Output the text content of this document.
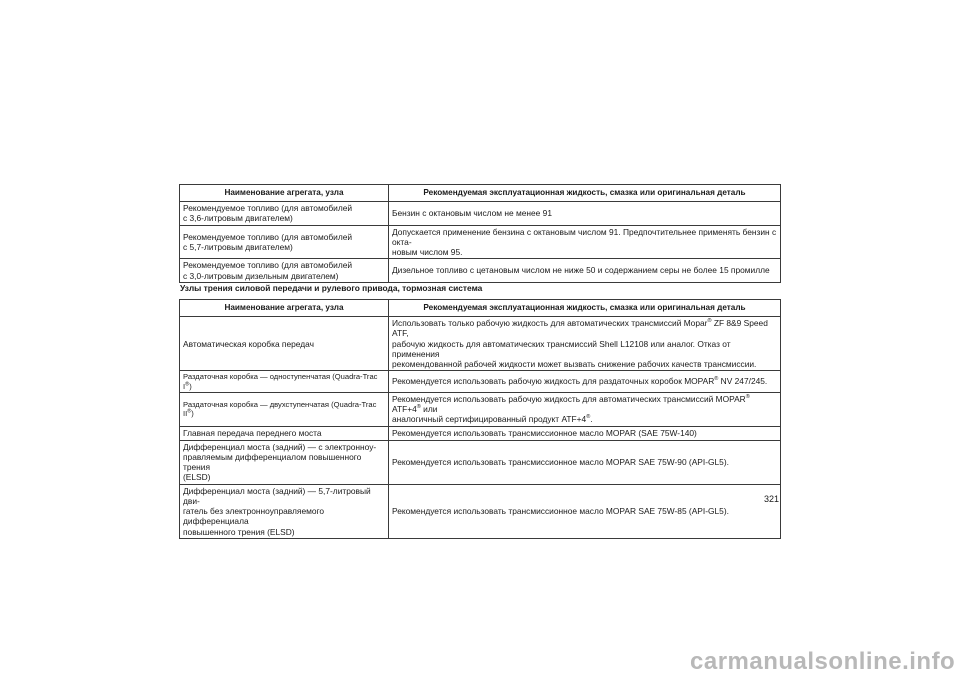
Наименование агрегата, узла	Рекомендуемая эксплуатационная жидкость, смазка или оригинальная деталь

Рекомендуемое топливо (для автомобилей
с 3,6-литровым двигателем)	Бензин с октановым числом не менее 91

Рекомендуемое топливо (для автомобилей
с 5,7-литровым двигателем)	Допускается применение бензина с октановым числом 91. Предпочтительнее применять бензин с окта-
новым числом 95.

Рекомендуемое топливо (для автомобилей
с 3,0-литровым дизельным двигателем)	Дизельное топливо с цетановым числом не ниже 50 и содержанием серы не более 15 промилле
Узлы трения силовой передачи и рулевого привода, тормозная система
Наименование агрегата, узла	Рекомендуемая эксплуатационная жидкость, смазка или оригинальная деталь
Автоматическая коробка передач	Использовать только рабочую жидкость для автоматических трансмиссий Mopar® ZF 8&9 Speed ATF,
рабочую жидкость для автоматических трансмиссий Shell L12108 или аналог. Отказ от применения
рекомендованной рабочей жидкости может вызвать снижение рабочих качеств трансмиссии.

Раздаточная коробка — одноступенчатая (Quadra-Trac I®)	Рекомендуется использовать рабочую жидкость для раздаточных коробок MOPAR® NV 247/245.
Раздаточная коробка — двухступенчатая (Quadra-Trac II®)	Рекомендуется использовать рабочую жидкость для автоматических трансмиссий MOPAR® ATF+4® или
аналогичный сертифицированный продукт ATF+4®.

Главная передача переднего моста	Рекомендуется использовать трансмиссионное масло MOPAR (SAE 75W-140)

Дифференциал моста (задний) — с электронноу-
правляемым дифференциалом повышенного трения
(ELSD)	Рекомендуется использовать трансмиссионное масло MOPAR SAE 75W-90 (API-GL5).

Дифференциал моста (задний) — 5,7-литровый дви-
гатель без электронноуправляемого дифференциала
повышенного трения (ELSD)	Рекомендуется использовать трансмиссионное масло MOPAR SAE 75W-85 (API-GL5).
321
carmanualsonline.info
